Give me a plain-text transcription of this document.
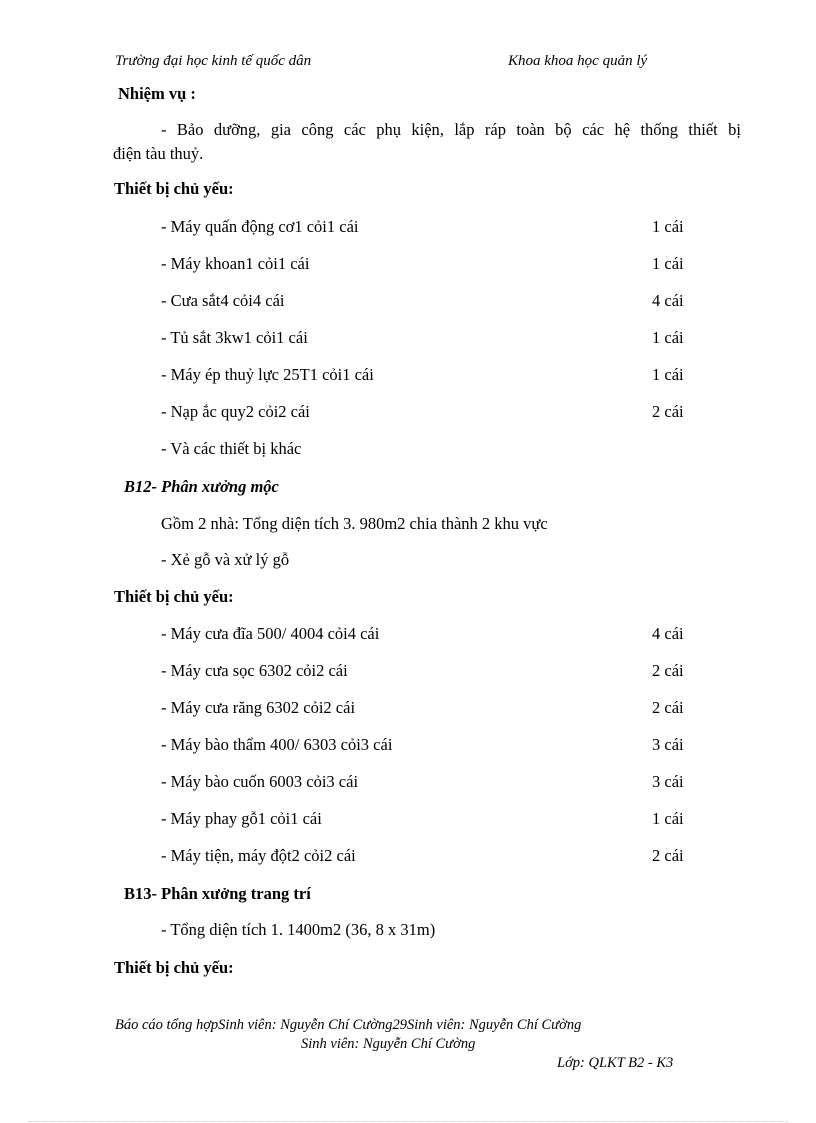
Trường đại học kinh tế quốc dân	Khoa khoa học quản lý
Nhiệm vụ :
- Bảo dưỡng, gia công các phụ kiện, lắp ráp toàn bộ các hệ thống thiết bị
điện tàu thuỷ.
Thiết bị chủ yếu:
- Máy quấn động cơ1 cỏi1 cái	1 cái
- Máy khoan1 cỏi1 cái	1 cái
- Cưa sắt4 cỏi4 cái	4 cái
- Tủ sắt 3kw1 cỏi1 cái	1 cái
- Máy ép thuỷ lực 25T1 cỏi1 cái	1 cái
- Nạp ắc quy2 cỏi2 cái	2 cái
- Và các thiết bị khác
B12- Phân xưởng mộc
Gồm 2 nhà: Tổng diện tích 3. 980m2 chia thành 2 khu vực
- Xẻ gỗ và xử lý gỗ
Thiết bị chủ yếu:
- Máy cưa đĩa 500/ 4004 cỏi4 cái	4 cái
- Máy cưa sọc 6302 cỏi2 cái	2 cái
- Máy cưa răng 6302 cỏi2 cái	2 cái
- Máy bào thẩm 400/ 6303 cỏi3 cái	3 cái
- Máy bào cuốn 6003 cỏi3 cái	3 cái
- Máy phay gỗ1 cỏi1 cái	1 cái
- Máy tiện, máy đột2 cỏi2 cái	2 cái
B13- Phân xưởng trang trí
- Tổng diện tích 1. 1400m2 (36, 8 x 31m)
Thiết bị chủ yếu:
Báo cáo tổng hợpSinh viên: Nguyễn Chí Cường29Sinh viên: Nguyễn Chí Cường
Sinh viên: Nguyễn Chí Cường
Lớp: QLKT B2 - K3
